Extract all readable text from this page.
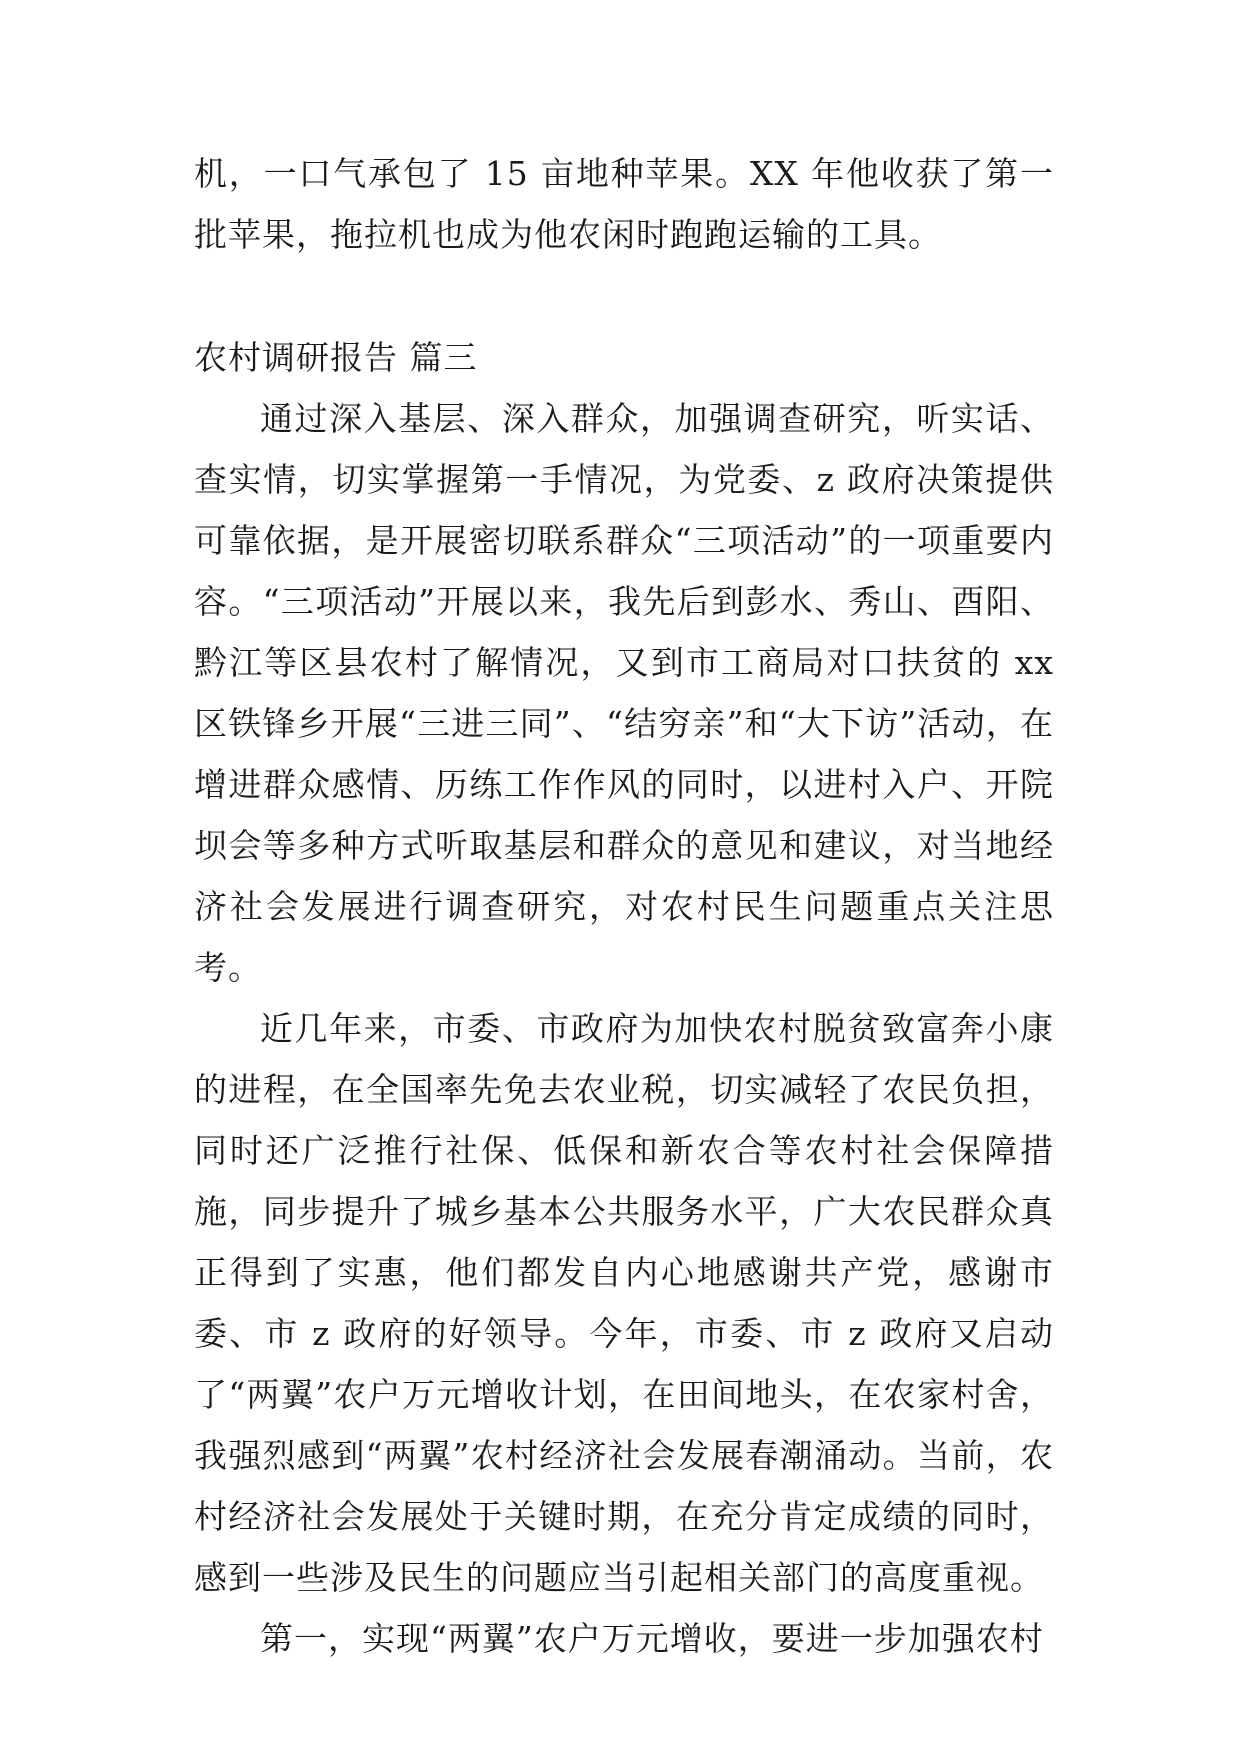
机，一口气承包了 15 亩地种苹果。XX 年他收获了第一批苹果，拖拉机也成为他农闲时跑跑运输的工具。

农村调研报告 篇三

通过深入基层、深入群众，加强调查研究，听实话、查实情，切实掌握第一手情况，为党委、z 政府决策提供可靠依据，是开展密切联系群众“三项活动”的一项重要内容。“三项活动”开展以来，我先后到彭水、秀山、酉阳、黔江等区县农村了解情况，又到市工商局对口扶贫的 xx 区铁锋乡开展“三进三同”、“结穷亲”和“大下访”活动，在增进群众感情、历练工作作风的同时，以进村入户、开院坝会等多种方式听取基层和群众的意见和建议，对当地经济社会发展进行调查研究，对农村民生问题重点关注思考。

近几年来，市委、市政府为加快农村脱贫致富奔小康的进程，在全国率先免去农业税，切实减轻了农民负担，同时还广泛推行社保、低保和新农合等农村社会保障措施，同步提升了城乡基本公共服务水平，广大农民群众真正得到了实惠，他们都发自内心地感谢共产党，感谢市委、市 z 政府的好领导。今年，市委、市 z 政府又启动了“两翼”农户万元增收计划，在田间地头，在农家村舍，我强烈感到“两翼”农村经济社会发展春潮涌动。当前，农村经济社会发展处于关键时期，在充分肯定成绩的同时，感到一些涉及民生的问题应当引起相关部门的高度重视。

第一，实现“两翼”农户万元增收，要进一步加强农村
